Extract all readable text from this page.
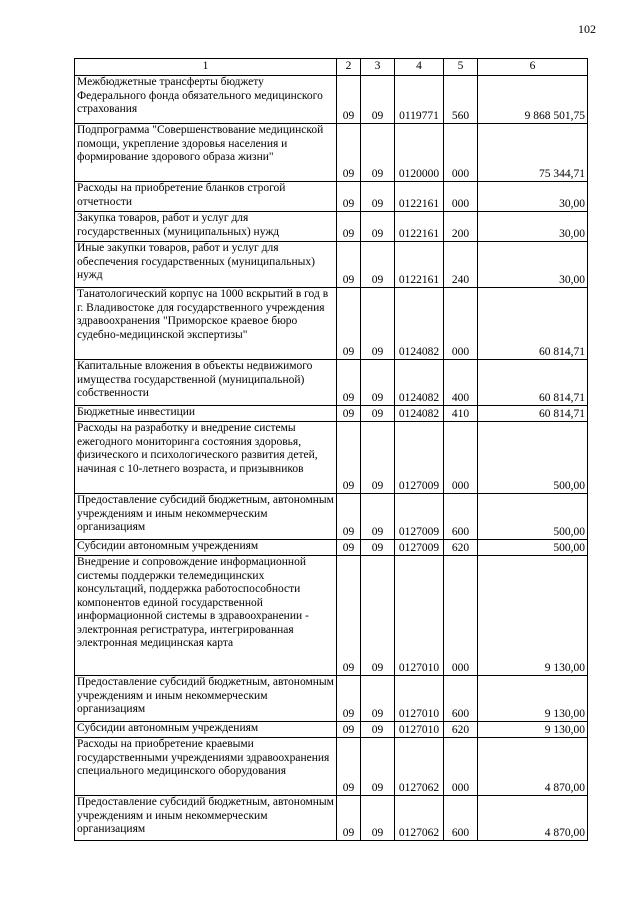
102
1	2	3	4	5	6
Межбюджетные трансферты бюджету Федерального фонда обязательного медицинского страхования	09	09	0119771	560	9 868 501,75
Подпрограмма "Совершенствование медицинской помощи, укрепление здоровья населения и формирование здорового образа жизни"	09	09	0120000	000	75 344,71
Расходы на приобретение бланков строгой отчетности	09	09	0122161	000	30,00
Закупка товаров, работ и услуг для государственных (муниципальных) нужд	09	09	0122161	200	30,00
Иные закупки товаров, работ и услуг для обеспечения государственных (муниципальных) нужд	09	09	0122161	240	30,00
Танатологический корпус на 1000 вскрытий в год в г. Владивостоке для государственного учреждения здравоохранения "Приморское краевое бюро судебно-медицинской экспертизы"	09	09	0124082	000	60 814,71
Капитальные вложения в объекты недвижимого имущества государственной (муниципальной) собственности	09	09	0124082	400	60 814,71
Бюджетные инвестиции	09	09	0124082	410	60 814,71
Расходы на разработку и внедрение системы ежегодного мониторинга состояния здоровья, физического и психологического развития детей, начиная с 10-летнего возраста, и призывников	09	09	0127009	000	500,00
Предоставление субсидий бюджетным, автономным учреждениям и иным некоммерческим организациям	09	09	0127009	600	500,00
Субсидии автономным учреждениям	09	09	0127009	620	500,00
Внедрение и сопровождение информационной системы поддержки телемедицинских консультаций, поддержка работоспособности компонентов единой государственной информационной системы в здравоохранении - электронная регистратура, интегрированная электронная медицинская карта	09	09	0127010	000	9 130,00
Предоставление субсидий бюджетным, автономным учреждениям и иным некоммерческим организациям	09	09	0127010	600	9 130,00
Субсидии автономным учреждениям	09	09	0127010	620	9 130,00
Расходы на приобретение краевыми государственными учреждениями здравоохранения специального медицинского оборудования	09	09	0127062	000	4 870,00
Предоставление субсидий бюджетным, автономным учреждениям и иным некоммерческим организациям	09	09	0127062	600	4 870,00
